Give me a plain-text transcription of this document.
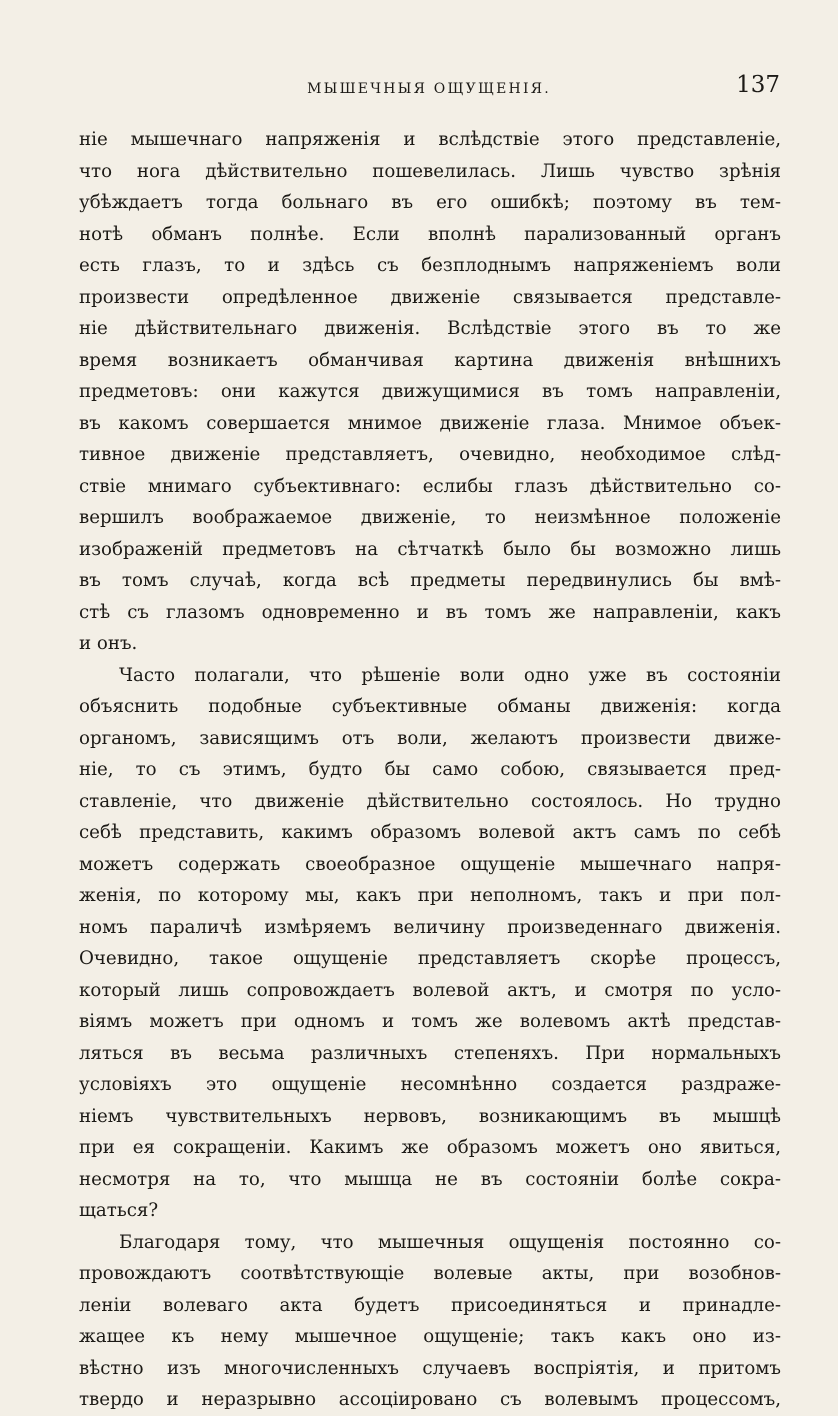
МЫШЕЧНЫЯ ОЩУЩЕНІЯ.	137
ніе мышечнаго напряженія и вслѣдствіе этого представленіе,
что нога дѣйствительно пошевелилась. Лишь чувство зрѣнія
убѣждаетъ тогда больнаго въ его ошибкѣ; поэтому въ тем-
нотѣ обманъ полнѣе. Если вполнѣ парализованный органъ
есть глазъ, то и здѣсь съ безплоднымъ напряженіемъ воли
произвести опредѣленное движеніе связывается представле-
ніе дѣйствительнаго движенія. Вслѣдствіе этого въ то же
время возникаетъ обманчивая картина движенія внѣшнихъ
предметовъ: они кажутся движущимися въ томъ направленіи,
въ какомъ совершается мнимое движеніе глаза. Мнимое объек-
тивное движеніе представляетъ, очевидно, необходимое слѣд-
ствіе мнимаго субъективнаго: еслибы глазъ дѣйствительно со-
вершилъ воображаемое движеніе, то неизмѣнное положеніе
изображеній предметовъ на сѣтчаткѣ было бы возможно лишь
въ томъ случаѣ, когда всѣ предметы передвинулись бы вмѣ-
стѣ съ глазомъ одновременно и въ томъ же направленіи, какъ
и онъ.
Часто полагали, что рѣшеніе воли одно уже въ состояніи
объяснить подобные субъективные обманы движенія: когда
органомъ, зависящимъ отъ воли, желаютъ произвести движе-
ніе, то съ этимъ, будто бы само собою, связывается пред-
ставленіе, что движеніе дѣйствительно состоялось. Но трудно
себѣ представить, какимъ образомъ волевой актъ самъ по себѣ
можетъ содержать своеобразное ощущеніе мышечнаго напря-
женія, по которому мы, какъ при неполномъ, такъ и при пол-
номъ параличѣ измѣряемъ величину произведеннаго движенія.
Очевидно, такое ощущеніе представляетъ скорѣе процессъ,
который лишь сопровождаетъ волевой актъ, и смотря по усло-
віямъ можетъ при одномъ и томъ же волевомъ актѣ представ-
ляться въ весьма различныхъ степеняхъ. При нормальныхъ
условіяхъ это ощущеніе несомнѣнно создается раздраже-
ніемъ чувствительныхъ нервовъ, возникающимъ въ мышцѣ
при ея сокращеніи. Какимъ же образомъ можетъ оно явиться,
несмотря на то, что мышца не въ состояніи болѣе сокра-
щаться?
Благодаря тому, что мышечныя ощущенія постоянно со-
провождаютъ соотвѣтствующіе волевые акты, при возобнов-
леніи волеваго акта будетъ присоединяться и принадле-
жащее къ нему мышечное ощущеніе; такъ какъ оно из-
вѣстно изъ многочисленныхъ случаевъ воспріятія, и притомъ
твердо и неразрывно ассоціировано съ волевымъ процессомъ,
